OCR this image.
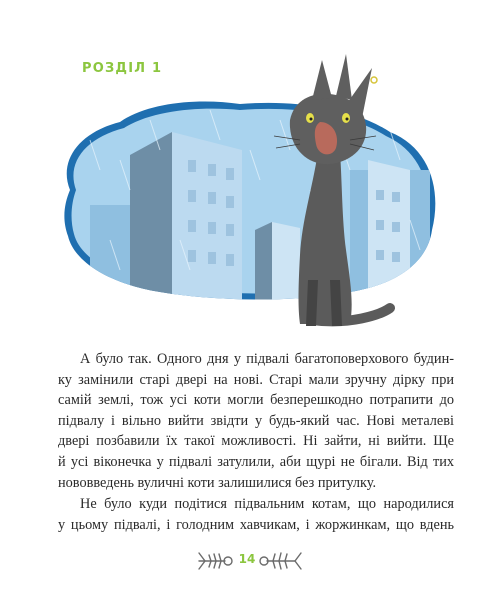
РОЗДІЛ 1

А було так. Одного дня у підвалі багатоповерхового будин-
ку замінили старі двері на нові. Старі мали зручну дірку при
самій землі, тож усі коти могли безперешкодно потрапити до
підвалу і вільно вийти звідти у будь-який час. Нові металеві
двері позбавили їх такої можливості. Ні зайти, ні вийти. Ще
й усі віконечка у підвалі затулили, аби щурі не бігали. Від тих
нововведень вуличні коти залишилися без притулку.

Не було куди подітися підвальним котам, що народилися
у цьому підвалі, і голодним хавчикам, і жоржинкам, що вдень

14
